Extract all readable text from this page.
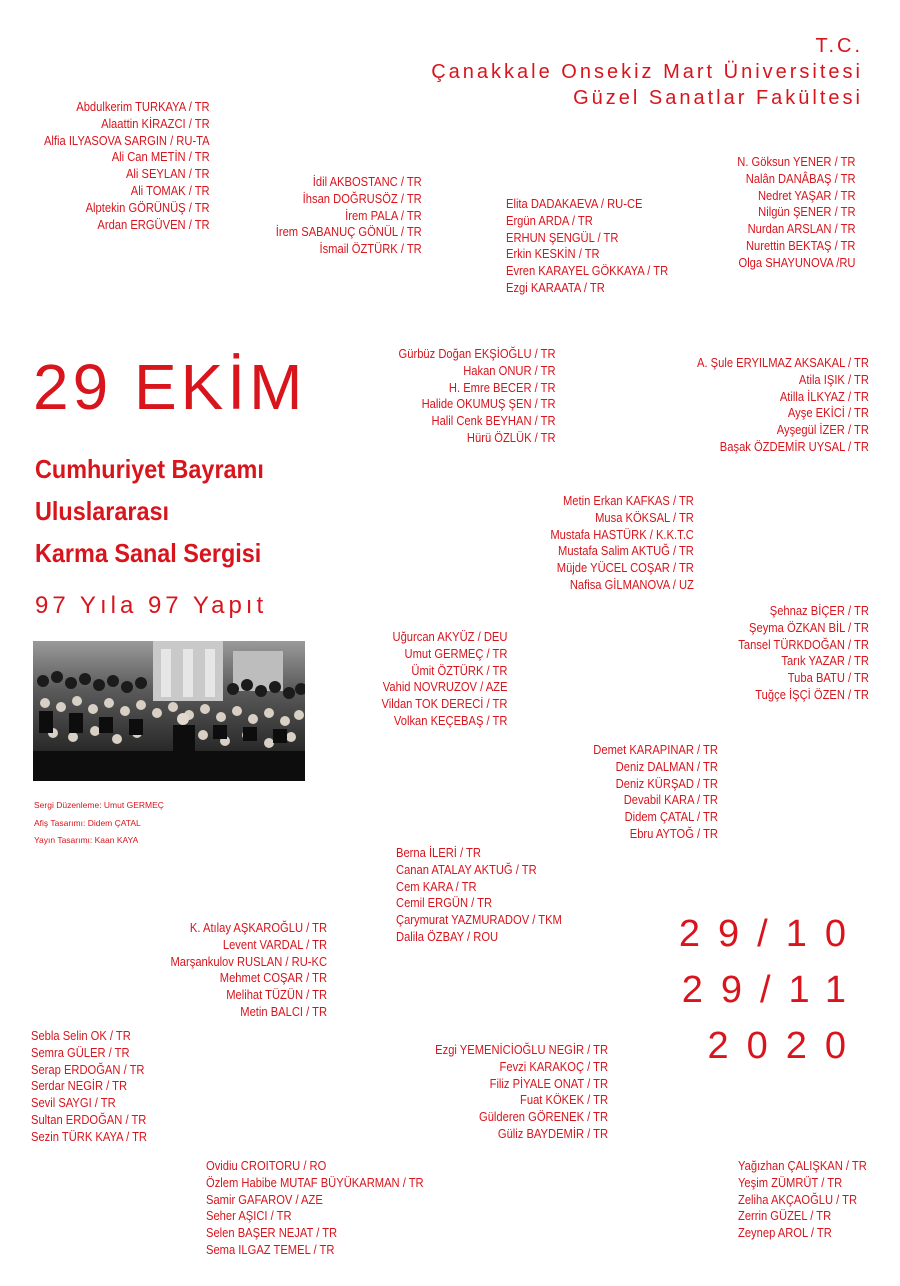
T.C.
Çanakkale Onsekiz Mart Üniversitesi
Güzel Sanatlar Fakültesi
29 EKİM
Cumhuriyet Bayramı
Uluslararası
Karma Sanal Sergisi
97 Yıla 97 Yapıt
Sergi Düzenleme: Umut GERMEÇ
Afiş Tasarımı: Didem ÇATAL
Yayın Tasarımı: Kaan KAYA
29/10
29/11
2020
Abdulkerim TURKAYA / TR
Alaattin KİRAZCI / TR
Alfia ILYASOVA SARGIN / RU-TA
Ali Can METİN / TR
Ali SEYLAN / TR
Ali TOMAK / TR
Alptekin GÖRÜNÜŞ / TR
Ardan ERGÜVEN / TR
İdil AKBOSTANC / TR
İhsan DOĞRUSÖZ / TR
İrem PALA / TR
İrem SABANUÇ GÖNÜL / TR
İsmail ÖZTÜRK / TR
Elita DADAKAEVA / RU-CE
Ergün ARDA / TR
ERHUN ŞENGÜL / TR
Erkin KESKİN / TR
Evren KARAYEL GÖKKAYA / TR
Ezgi KARAATA / TR
N. Göksun YENER / TR
Nalân DANÂBAŞ / TR
Nedret YAŞAR / TR
Nilgün ŞENER / TR
Nurdan ARSLAN / TR
Nurettin BEKTAŞ / TR
Olga SHAYUNOVA /RU
Gürbüz Doğan EKŞİOĞLU / TR
Hakan ONUR / TR
H. Emre BECER / TR
Halide OKUMUŞ ŞEN / TR
Halil Cenk BEYHAN / TR
Hürü ÖZLÜK / TR
A. Şule ERYILMAZ AKSAKAL / TR
Atila IŞIK / TR
Atilla İLKYAZ / TR
Ayşe EKİCİ / TR
Ayşegül İZER / TR
Başak ÖZDEMİR UYSAL / TR
Metin Erkan KAFKAS / TR
Musa KÖKSAL / TR
Mustafa HASTÜRK / K.K.T.C
Mustafa Salim AKTUĞ / TR
Müjde YÜCEL COŞAR / TR
Nafisa GİLMANOVA / UZ
Şehnaz BİÇER / TR
Şeyma ÖZKAN BİL / TR
Tansel TÜRKDOĞAN / TR
Tarık YAZAR / TR
Tuba BATU / TR
Tuğçe İŞÇİ ÖZEN / TR
Uğurcan AKYÜZ / DEU
Umut GERMEÇ / TR
Ümit ÖZTÜRK / TR
Vahid NOVRUZOV / AZE
Vildan TOK DERECİ / TR
Volkan KEÇEBAŞ / TR
Demet KARAPINAR / TR
Deniz DALMAN / TR
Deniz KÜRŞAD / TR
Devabil KARA / TR
Didem ÇATAL / TR
Ebru AYTOĞ / TR
Berna İLERİ / TR
Canan ATALAY AKTUĞ / TR
Cem KARA / TR
Cemil ERGÜN / TR
Çarymurat YAZMURADOV / TKM
Dalila ÖZBAY / ROU
K. Atılay AŞKAROĞLU / TR
Levent VARDAL / TR
Marşankulov RUSLAN / RU-KC
Mehmet COŞAR / TR
Melihat TÜZÜN / TR
Metin BALCI / TR
Sebla Selin OK / TR
Semra GÜLER / TR
Serap ERDOĞAN / TR
Serdar NEGİR / TR
Sevil SAYGI / TR
Sultan ERDOĞAN / TR
Sezin TÜRK KAYA / TR
Ezgi YEMENİCİOĞLU NEGİR / TR
Fevzi KARAKOÇ / TR
Filiz PİYALE ONAT / TR
Fuat KÖKEK / TR
Gülderen GÖRENEK / TR
Güliz BAYDEMİR / TR
Ovidiu CROITORU / RO
Özlem Habibe MUTAF BÜYÜKARMAN / TR
Samir GAFAROV / AZE
Seher AŞICI / TR
Selen BAŞER NEJAT / TR
Sema ILGAZ TEMEL / TR
Yağızhan ÇALIŞKAN / TR
Yeşim ZÜMRÜT / TR
Zeliha AKÇAOĞLU / TR
Zerrin GÜZEL / TR
Zeynep AROL / TR
